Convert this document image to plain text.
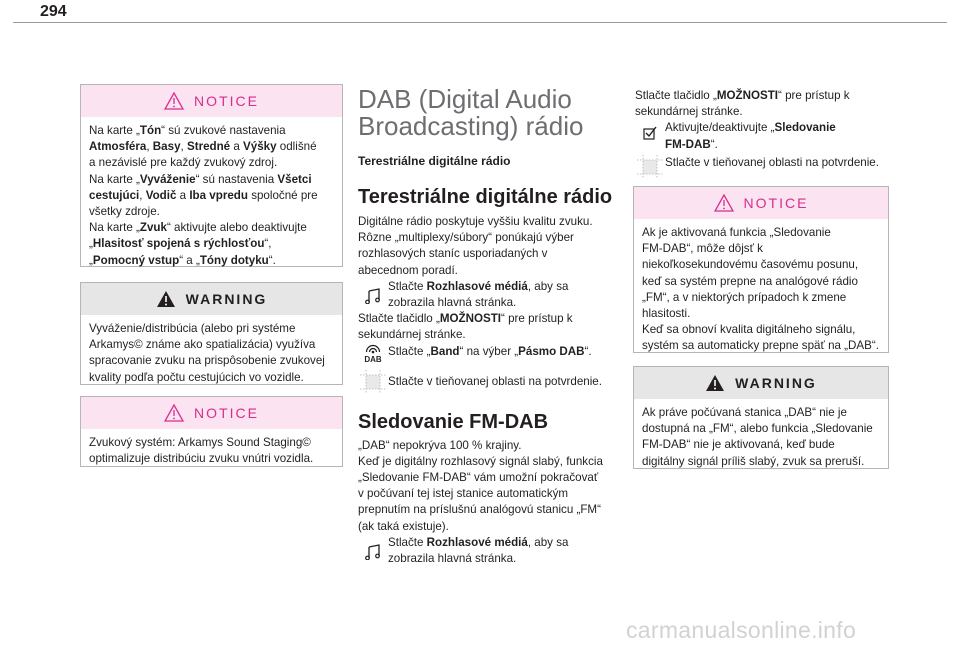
294
NOTICE
Na karte „Tón“ sú zvukové nastavenia
Atmosféra, Basy, Stredné a Výšky odlišné
a nezávislé pre každý zvukový zdroj.
Na karte „Vyváženie“ sú nastavenia Všetci
cestujúci, Vodič a Iba vpredu spoločné pre
všetky zdroje.
Na karte „Zvuk“ aktivujte alebo deaktivujte
„Hlasitosť spojená s rýchlosťou“,
„Pomocný vstup“ a „Tóny dotyku“.
WARNING
Vyváženie/distribúcia (alebo pri systéme
Arkamys© známe ako spatializácia) využíva
spracovanie zvuku na prispôsobenie zvukovej
kvality podľa počtu cestujúcich vo vozidle.
NOTICE
Zvukový systém: Arkamys Sound Staging©
optimalizuje distribúciu zvuku vnútri vozidla.
DAB (Digital Audio
Broadcasting) rádio
Terestriálne digitálne rádio
Terestriálne digitálne rádio
Digitálne rádio poskytuje vyššiu kvalitu zvuku.
Rôzne „multiplexy/súbory“ ponúkajú výber
rozhlasových staníc usporiadaných v
abecednom poradí.
Stlačte Rozhlasové médiá, aby sa
zobrazila hlavná stránka.
Stlačte tlačidlo „MOŽNOSTI“ pre prístup k
sekundárnej stránke.
DAB
Stlačte „Band“ na výber „Pásmo DAB“.
Stlačte v tieňovanej oblasti na potvrdenie.
Sledovanie FM-DAB
„DAB“ nepokrýva 100 % krajiny.
Keď je digitálny rozhlasový signál slabý, funkcia
„Sledovanie FM-DAB“ vám umožní pokračovať
v počúvaní tej istej stanice automatickým
prepnutím na príslušnú analógovú stanicu „FM“
(ak taká existuje).
Stlačte Rozhlasové médiá, aby sa
zobrazila hlavná stránka.
Stlačte tlačidlo „MOŽNOSTI“ pre prístup k
sekundárnej stránke.
Aktivujte/deaktivujte „Sledovanie
FM-DAB“.
Stlačte v tieňovanej oblasti na potvrdenie.
NOTICE
Ak je aktivovaná funkcia „Sledovanie
FM-DAB“, môže dôjsť k
niekoľkosekundovému časovému posunu,
keď sa systém prepne na analógové rádio
„FM“, a v niektorých prípadoch k zmene
hlasitosti.
Keď sa obnoví kvalita digitálneho signálu,
systém sa automaticky prepne späť na „DAB“.
WARNING
Ak práve počúvaná stanica „DAB“ nie je
dostupná na „FM“, alebo funkcia „Sledovanie
FM-DAB“ nie je aktivovaná, keď bude
digitálny signál príliš slabý, zvuk sa preruší.
carmanualsonline.info
